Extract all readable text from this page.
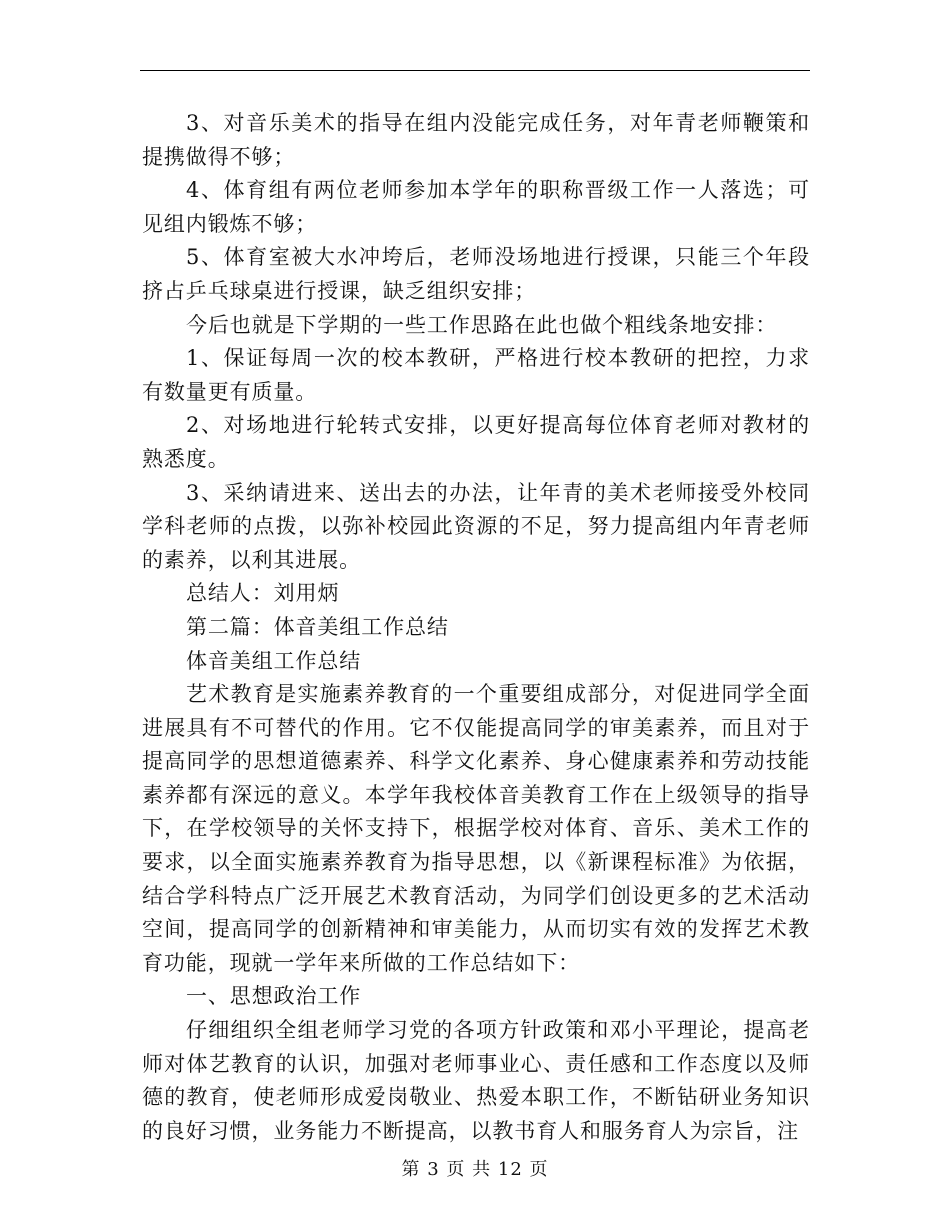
3、对音乐美术的指导在组内没能完成任务，对年青老师鞭策和提携做得不够；

4、体育组有两位老师参加本学年的职称晋级工作一人落选；可见组内锻炼不够；

5、体育室被大水冲垮后，老师没场地进行授课，只能三个年段挤占乒乓球桌进行授课，缺乏组织安排；

今后也就是下学期的一些工作思路在此也做个粗线条地安排：

1、保证每周一次的校本教研，严格进行校本教研的把控，力求有数量更有质量。

2、对场地进行轮转式安排，以更好提高每位体育老师对教材的熟悉度。

3、采纳请进来、送出去的办法，让年青的美术老师接受外校同学科老师的点拨，以弥补校园此资源的不足，努力提高组内年青老师的素养，以利其进展。

总结人：刘用炳

第二篇：体音美组工作总结

体音美组工作总结

艺术教育是实施素养教育的一个重要组成部分，对促进同学全面进展具有不可替代的作用。它不仅能提高同学的审美素养，而且对于提高同学的思想道德素养、科学文化素养、身心健康素养和劳动技能素养都有深远的意义。本学年我校体音美教育工作在上级领导的指导下，在学校领导的关怀支持下，根据学校对体育、音乐、美术工作的要求，以全面实施素养教育为指导思想，以《新课程标准》为依据，结合学科特点广泛开展艺术教育活动，为同学们创设更多的艺术活动空间，提高同学的创新精神和审美能力，从而切实有效的发挥艺术教育功能，现就一学年来所做的工作总结如下：

一、思想政治工作

仔细组织全组老师学习党的各项方针政策和邓小平理论，提高老师对体艺教育的认识，加强对老师事业心、责任感和工作态度以及师德的教育，使老师形成爱岗敬业、热爱本职工作，不断钻研业务知识的良好习惯，业务能力不断提高，以教书育人和服务育人为宗旨，注

第 3 页 共 12 页
